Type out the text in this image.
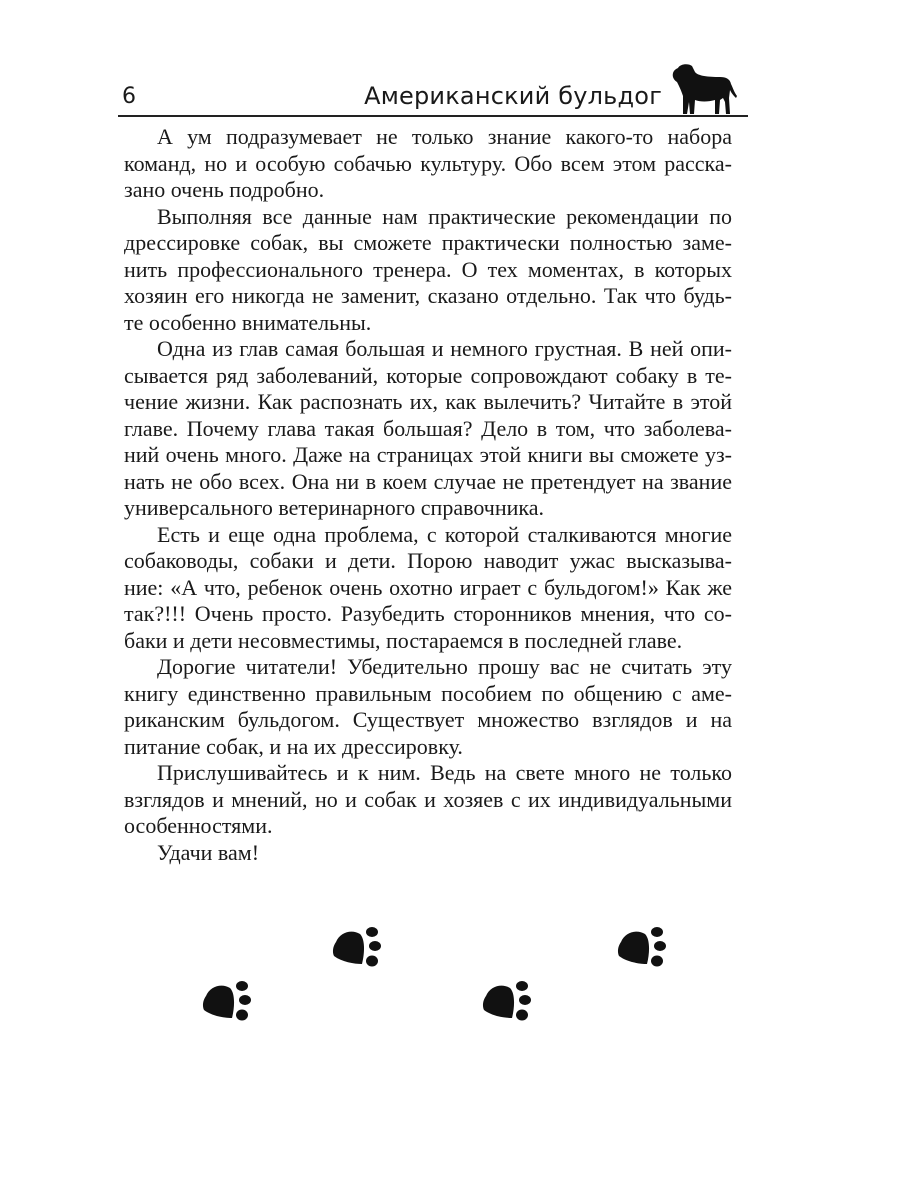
6	Американский бульдог
А ум подразумевает не только знание какого-то набора
команд, но и особую собачью культуру. Обо всем этом расска-
зано очень подробно.
Выполняя все данные нам практические рекомендации по
дрессировке собак, вы сможете практически полностью заме-
нить профессионального тренера. О тех моментах, в которых
хозяин его никогда не заменит, сказано отдельно. Так что будь-
те особенно внимательны.
Одна из глав самая большая и немного грустная. В ней опи-
сывается ряд заболеваний, которые сопровождают собаку в те-
чение жизни. Как распознать их, как вылечить? Читайте в этой
главе. Почему глава такая большая? Дело в том, что заболева-
ний очень много. Даже на страницах этой книги вы сможете уз-
нать не обо всех. Она ни в коем случае не претендует на звание
универсального ветеринарного справочника.
Есть и еще одна проблема, с которой сталкиваются многие
собаководы, собаки и дети. Порою наводит ужас высказыва-
ние: «А что, ребенок очень охотно играет с бульдогом!» Как же
так?!!! Очень просто. Разубедить сторонников мнения, что со-
баки и дети несовместимы, постараемся в последней главе.
Дорогие читатели! Убедительно прошу вас не считать эту
книгу единственно правильным пособием по общению с аме-
риканским бульдогом. Существует множество взглядов и на
питание собак, и на их дрессировку.
Прислушивайтесь и к ним. Ведь на свете много не только
взглядов и мнений, но и собак и хозяев с их индивидуальными
особенностями.
Удачи вам!
